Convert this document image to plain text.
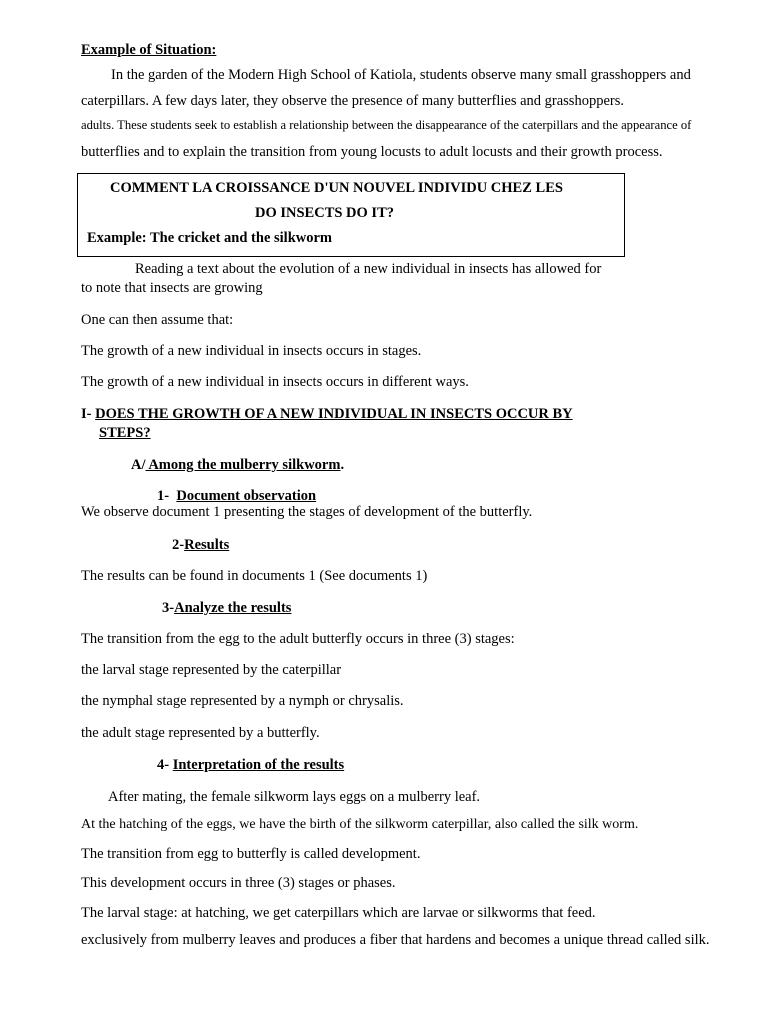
Example of Situation:
In the garden of the Modern High School of Katiola, students observe many small grasshoppers and
caterpillars. A few days later, they observe the presence of many butterflies and grasshoppers.
adults. These students seek to establish a relationship between the disappearance of the caterpillars and the appearance of
butterflies and to explain the transition from young locusts to adult locusts and their growth process.
COMMENT LA CROISSANCE D'UN NOUVEL INDIVIDU CHEZ LES
DO INSECTS DO IT?
Example: The cricket and the silkworm
Reading a text about the evolution of a new individual in insects has allowed for
to note that insects are growing
One can then assume that:
The growth of a new individual in insects occurs in stages.
The growth of a new individual in insects occurs in different ways.
I- DOES THE GROWTH OF A NEW INDIVIDUAL IN INSECTS OCCUR BY
STEPS?
A/ Among the mulberry silkworm.
1- Document observation
We observe document 1 presenting the stages of development of the butterfly.
2-Results
The results can be found in documents 1 (See documents 1)
3-Analyze the results
The transition from the egg to the adult butterfly occurs in three (3) stages:
the larval stage represented by the caterpillar
the nymphal stage represented by a nymph or chrysalis.
the adult stage represented by a butterfly.
4- Interpretation of the results
After mating, the female silkworm lays eggs on a mulberry leaf.
At the hatching of the eggs, we have the birth of the silkworm caterpillar, also called the silk worm.
The transition from egg to butterfly is called development.
This development occurs in three (3) stages or phases.
The larval stage: at hatching, we get caterpillars which are larvae or silkworms that feed.
exclusively from mulberry leaves and produces a fiber that hardens and becomes a unique thread called silk.
